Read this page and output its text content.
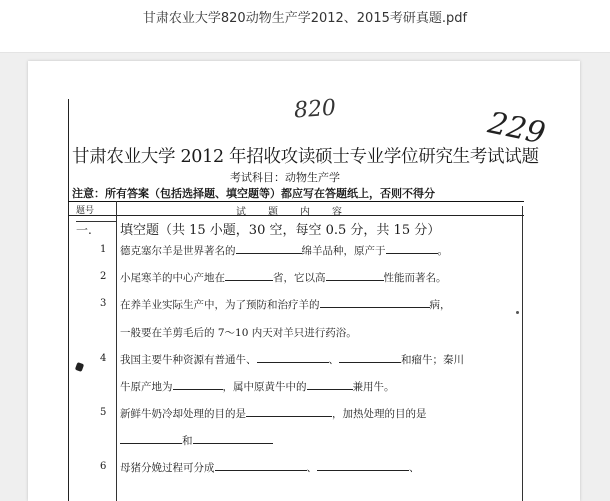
甘肃农业大学820动物生产学2012、2015考研真题.pdf
820	229
甘肃农业大学 2012 年招收攻读硕士专业学位研究生考试试题
考试科目：动物生产学
注意：所有答案（包括选择题、填空题等）都应写在答题纸上，否则不得分
题号	试题内容
一. 填空题（共 15 小题，30 空，每空 0.5 分，共 15 分）
1 德克塞尔羊是世界著名的	绵羊品种，原产于	。
2 小尾寒羊的中心产地在	省，它以高	性能而著名。
3 在养羊业实际生产中，为了预防和治疗羊的	病，
一般要在羊剪毛后的 7～10 内天对羊只进行药浴。
4 我国主要牛种资源有普通牛、	、	和瘤牛；秦川
牛原产地为	，属中原黄牛中的	兼用牛。
5 新鲜牛奶冷却处理的目的是	，加热处理的目的是
和
6 母猪分娩过程可分成	、	、
